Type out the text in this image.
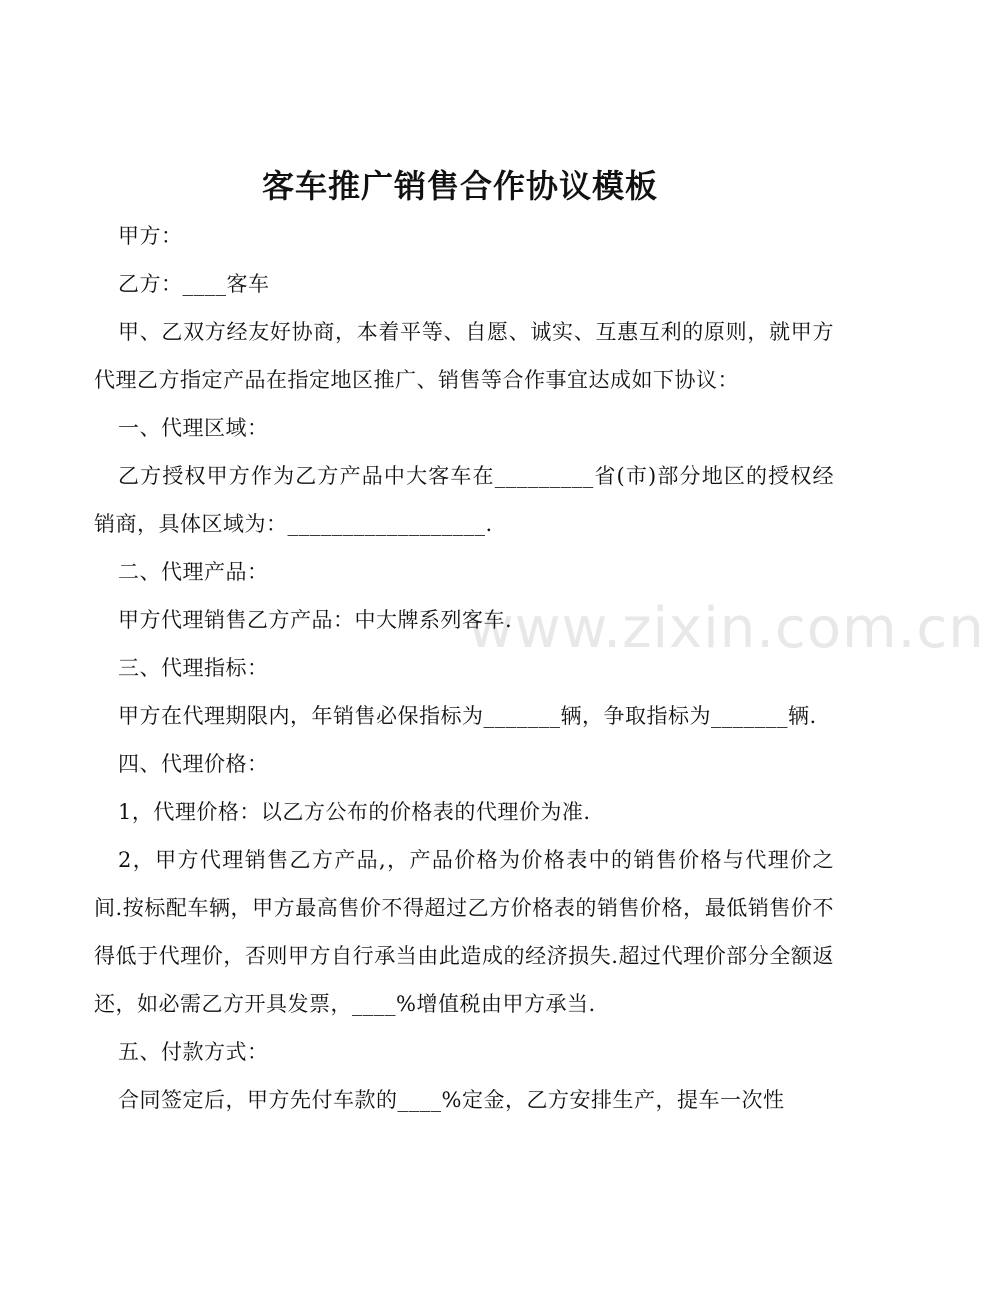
www.zixin.com.cn
客车推广销售合作协议模板

甲方：

乙方：____客车

甲、乙双方经友好协商，本着平等、自愿、诚实、互惠互利的原则，就甲方代理乙方指定产品在指定地区推广、销售等合作事宜达成如下协议：

一、代理区域：

乙方授权甲方作为乙方产品中大客车在_________省(市)部分地区的授权经销商，具体区域为：__________________.

二、代理产品：

甲方代理销售乙方产品：中大牌系列客车.

三、代理指标：

甲方在代理期限内，年销售必保指标为_______辆，争取指标为_______辆.

四、代理价格：

1，代理价格：以乙方公布的价格表的代理价为准.

2，甲方代理销售乙方产品,，产品价格为价格表中的销售价格与代理价之间.按标配车辆，甲方最高售价不得超过乙方价格表的销售价格，最低销售价不得低于代理价，否则甲方自行承当由此造成的经济损失.超过代理价部分全额返还，如必需乙方开具发票，____%增值税由甲方承当.

五、付款方式：

合同签定后，甲方先付车款的____%定金，乙方安排生产，提车一次性
